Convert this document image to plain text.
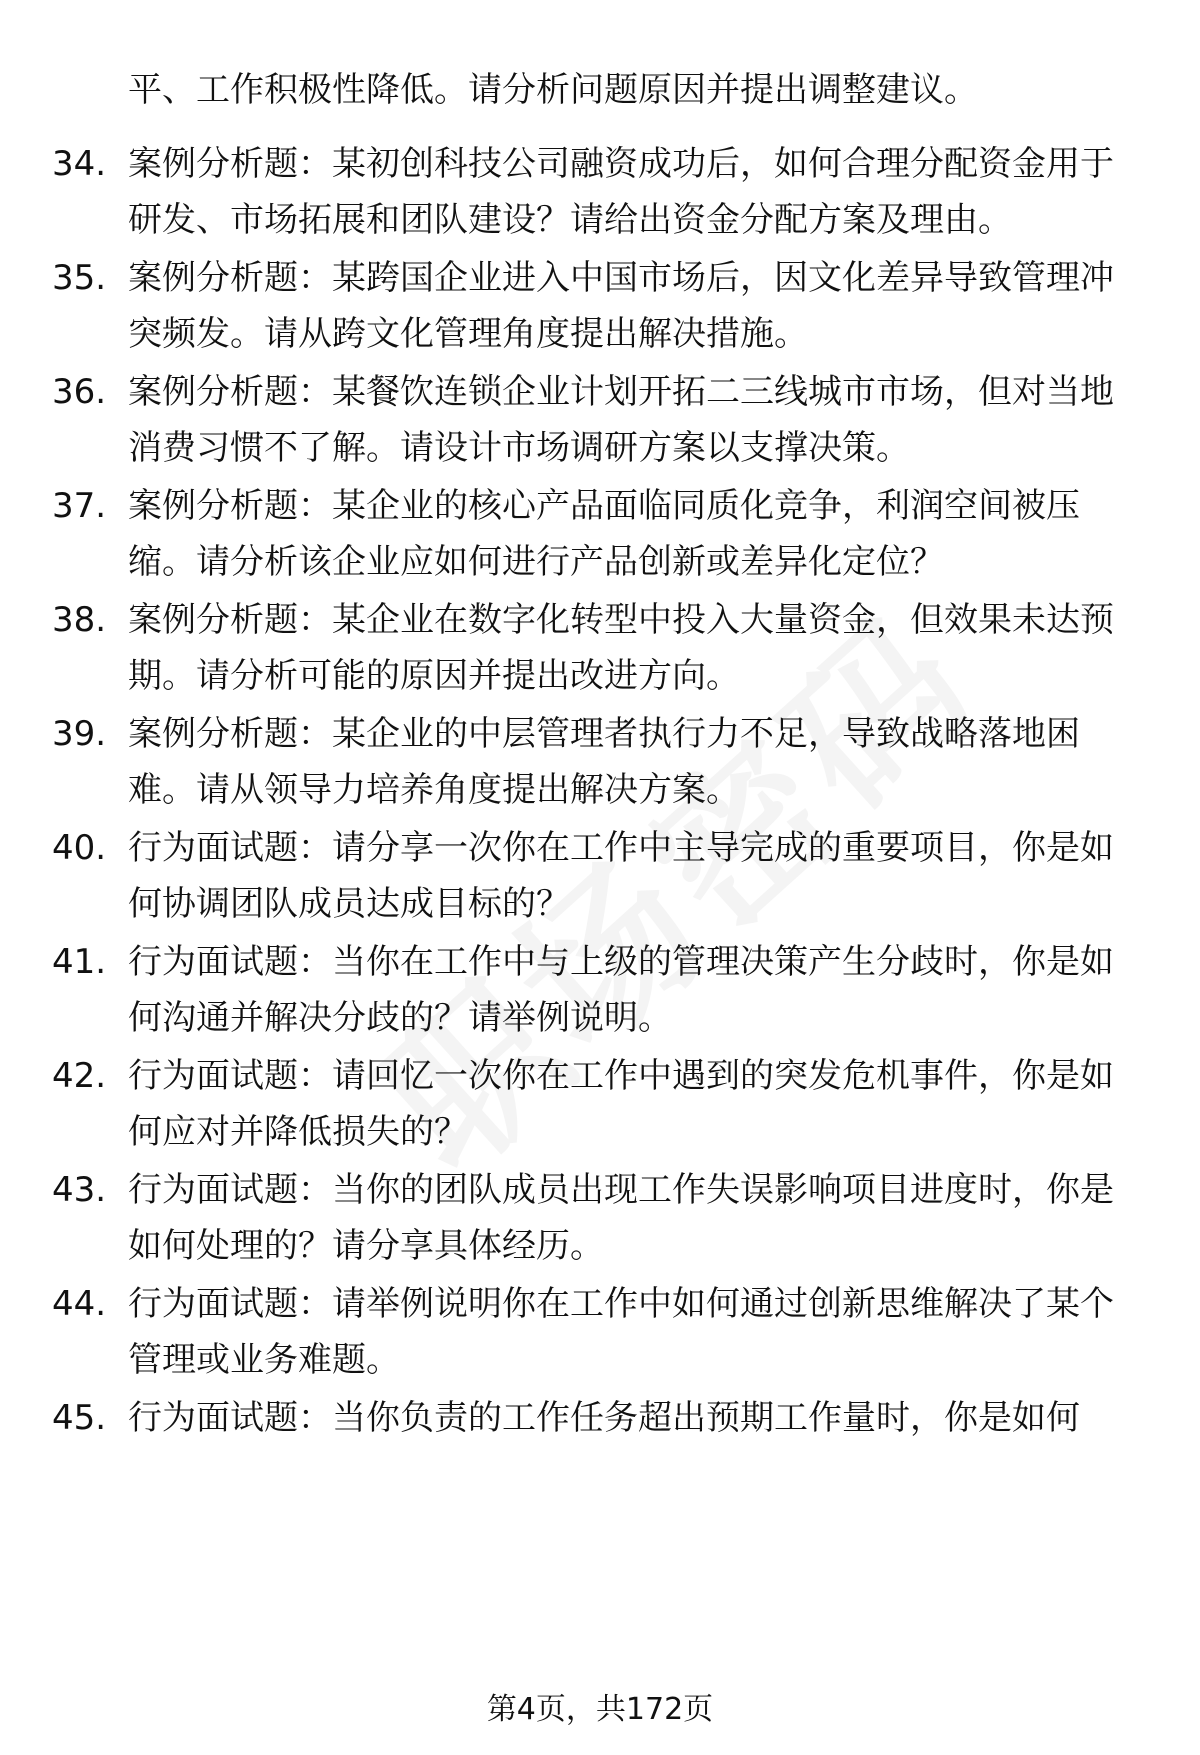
平、工作积极性降低。请分析问题原因并提出调整建议。
34. 案例分析题：某初创科技公司融资成功后，如何合理分配资金用于研发、市场拓展和团队建设？请给出资金分配方案及理由。
35. 案例分析题：某跨国企业进入中国市场后，因文化差异导致管理冲突频发。请从跨文化管理角度提出解决措施。
36. 案例分析题：某餐饮连锁企业计划开拓二三线城市市场，但对当地消费习惯不了解。请设计市场调研方案以支撑决策。
37. 案例分析题：某企业的核心产品面临同质化竞争，利润空间被压缩。请分析该企业应如何进行产品创新或差异化定位？
38. 案例分析题：某企业在数字化转型中投入大量资金，但效果未达预期。请分析可能的原因并提出改进方向。
39. 案例分析题：某企业的中层管理者执行力不足，导致战略落地困难。请从领导力培养角度提出解决方案。
40. 行为面试题：请分享一次你在工作中主导完成的重要项目，你是如何协调团队成员达成目标的？
41. 行为面试题：当你在工作中与上级的管理决策产生分歧时，你是如何沟通并解决分歧的？请举例说明。
42. 行为面试题：请回忆一次你在工作中遇到的突发危机事件，你是如何应对并降低损失的？
43. 行为面试题：当你的团队成员出现工作失误影响项目进度时，你是如何处理的？请分享具体经历。
44. 行为面试题：请举例说明你在工作中如何通过创新思维解决了某个管理或业务难题。
45. 行为面试题：当你负责的工作任务超出预期工作量时，你是如何
第4页，共172页
